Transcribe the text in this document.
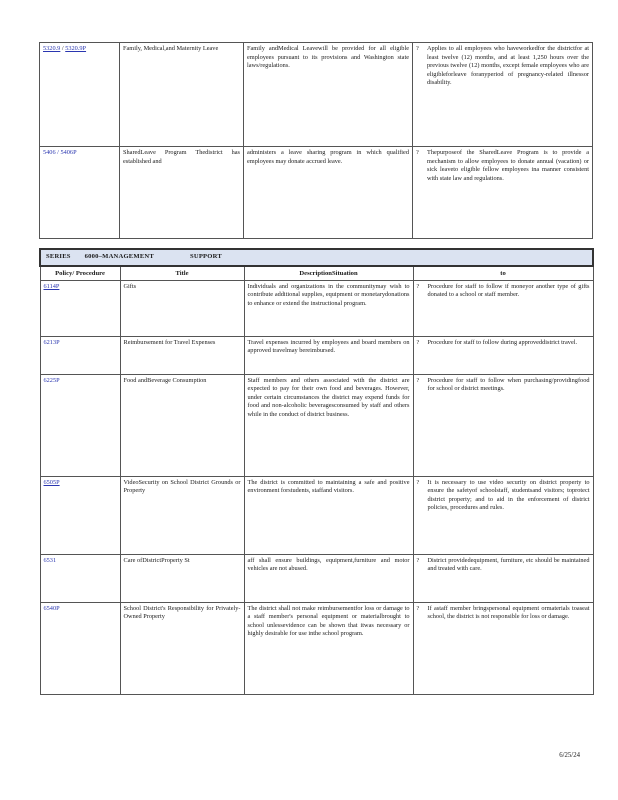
5320.9 / 5320.9P	Family, Medical,and Maternity Leave	Family andMedical Leavewill be provided for all eligible employees pursuant to its provisions and Washington state laws/regulations.	? Applies to all employees who haveworkedfor the districtfor at least twelve (12) months, and at least 1,250 hours over the previous twelve (12) months, except female employees who are eligibleforleave foranyperiod of pregnancy-related illnessor disability.

5406 / 5406P	SharedLeave Program Thedistrict has established and	administers a leave sharing program in which qualified employees may donate accrued leave.	? Thepurposeof the SharedLeave Program is to provide a mechanism to allow employees to donate annual (vacation) or sick leaveto eligible fellow employees ina manner consistent with state law and regulations.
SERIES 6000–MANAGEMENT SUPPORT			
Policy/ Procedure	Title	DescriptionSituation	to
6114P	Gifts	Individuals and organizations in the communitymay wish to contribute additional supplies, equipment or monetarydonations to enhance or extend the instructional program.	? Procedure for staff to follow if moneyor another type of gifts donated to a school or staff member.

6213P	Reimbursement for Travel Expenses	Travel expenses incurred by employees and board members on approved travelmay bereimbursed.	? Procedure for staff to follow during approveddistrict travel.

6225P	Food andBeverage Consumption	Staff members and others associated with the district are expected to pay for their own food and beverages. However, under certain circumstances the district may expend funds for food and non-alcoholic beveragesconsumed by staff and others while in the conduct of district business.	? Procedure for staff to follow when purchasing/providingfood for school or district meetings.

6505P	VideoSecurity on School District Grounds or Property	The district is committed to maintaining a safe and positive environment forstudents, staffand visitors.	? It is necessary to use video security on district property to ensure the safetyof schoolstaff, studentsand visitors; toprotect district property; and to aid in the enforcement of district policies, procedures and rules.

6531	Care ofDistrictProperty St	aff shall ensure buildings, equipment,furniture and motor vehicles are not abused.	? District providedequipment, furniture, etc should be maintained and treated with care.

6540P	School District's Responsibility for Privately-Owned Property	The district shall not make reimbursementfor loss or damage to a staff member's personal equipment or materialbrought to school unlessevidence can be shown that itwas necessary or highly desirable for use inthe school program.	? If astaff member bringspersonal equipment ormaterials toaseat school, the district is not responsible for loss or damage.
6/25/24
